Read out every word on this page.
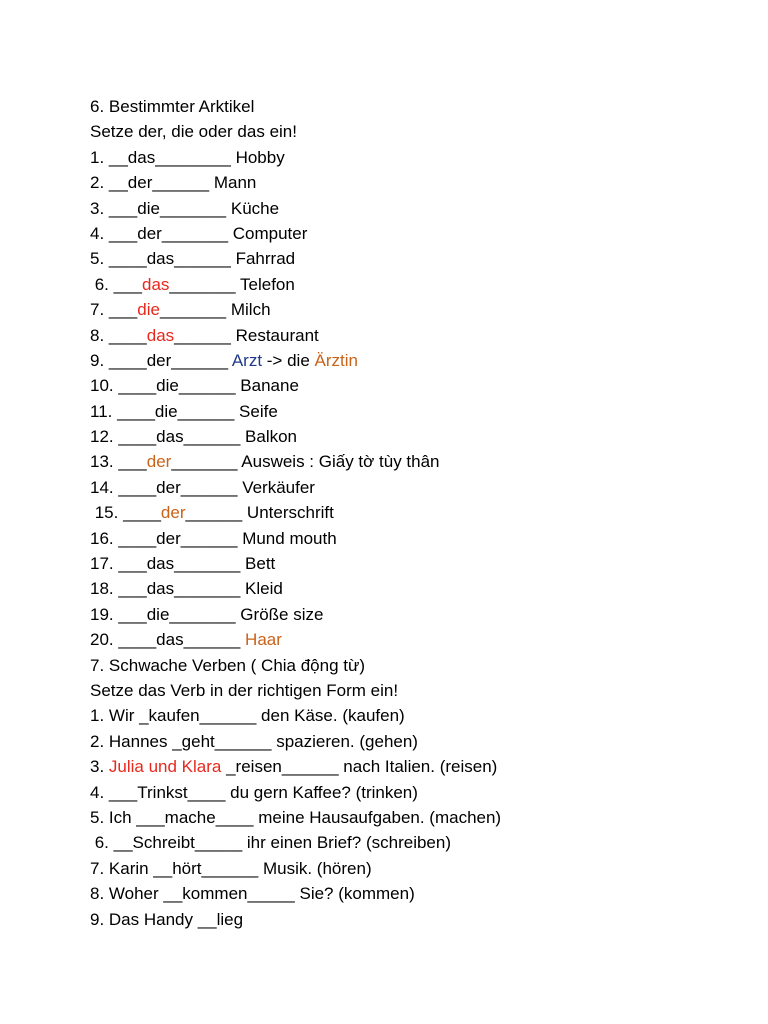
6. Bestimmter Arktikel
Setze der, die oder das ein!
1. __das________ Hobby
2. __der______ Mann
3. ___die_______ Küche
4. ___der_______ Computer
5. ____das______ Fahrrad
6. ___das_______ Telefon
7. ___die_______ Milch
8. ____das______ Restaurant
9. ____der______ Arzt -> die Ärztin
10. ____die______ Banane
11. ____die______ Seife
12. ____das______ Balkon
13. ___der_______ Ausweis : Giấy tờ tùy thân
14. ____der______ Verkäufer
15. ____der______ Unterschrift
16. ____der______ Mund mouth
17. ___das_______ Bett
18. ___das_______ Kleid
19. ___die_______ Größe size
20. ____das______ Haar
7. Schwache Verben ( Chia động từ)
Setze das Verb in der richtigen Form ein!
1. Wir _kaufen______ den Käse. (kaufen)
2. Hannes _geht______ spazieren. (gehen)
3. Julia und Klara _reisen______ nach Italien. (reisen)
4. ___Trinkst____ du gern Kaffee? (trinken)
5. Ich ___mache____ meine Hausaufgaben. (machen)
6. __Schreibt_____ ihr einen Brief? (schreiben)
7. Karin __hört______ Musik. (hören)
8. Woher __kommen_____ Sie? (kommen)
9. Das Handy __lieg
